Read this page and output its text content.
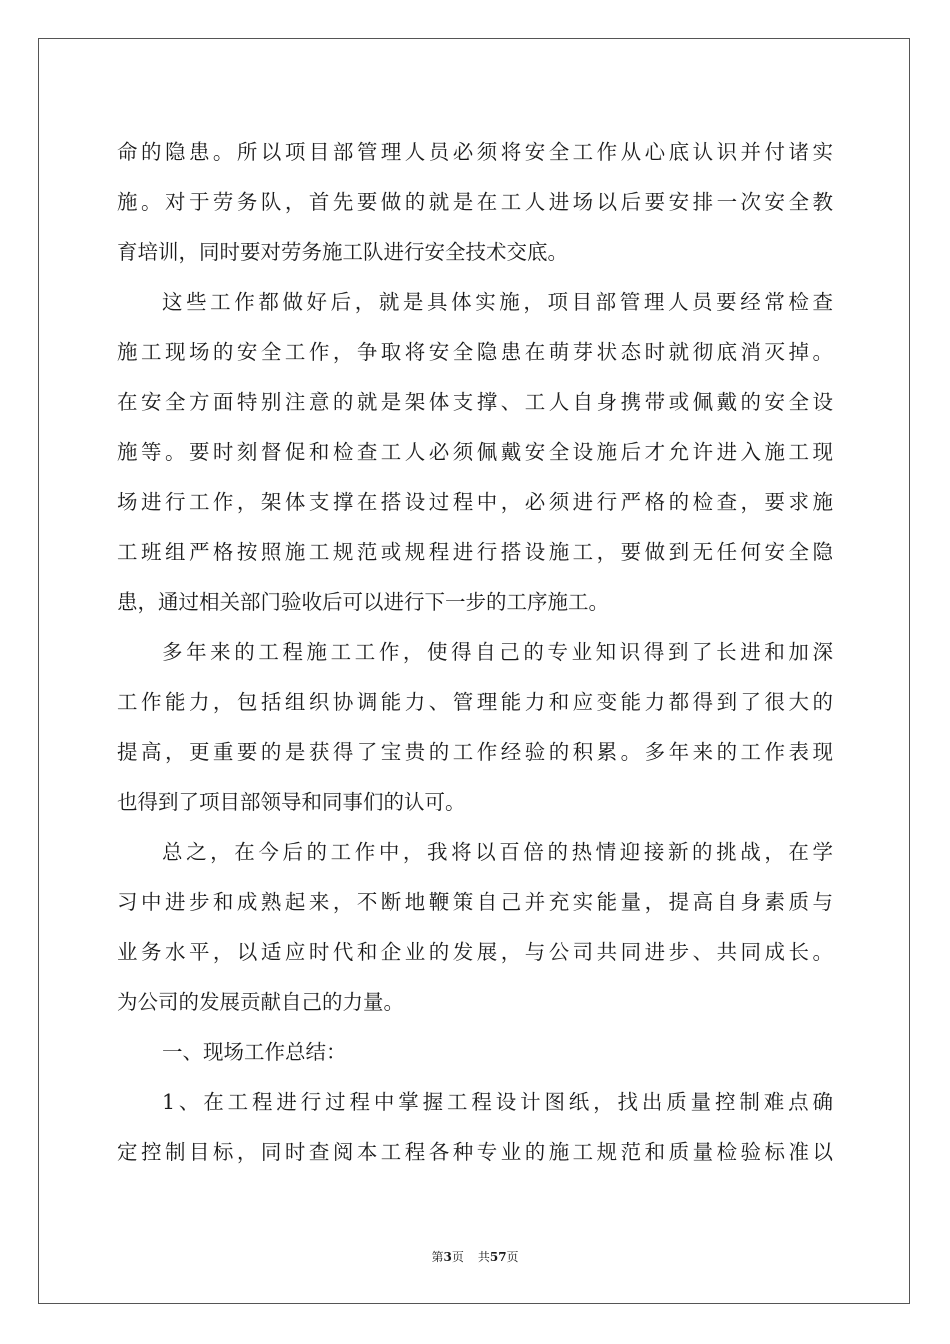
命的隐患。所以项目部管理人员必须将安全工作从心底认识并付诸实
施。对于劳务队，首先要做的就是在工人进场以后要安排一次安全教
育培训，同时要对劳务施工队进行安全技术交底。
这些工作都做好后，就是具体实施，项目部管理人员要经常检查
施工现场的安全工作，争取将安全隐患在萌芽状态时就彻底消灭掉。
在安全方面特别注意的就是架体支撑、工人自身携带或佩戴的安全设
施等。要时刻督促和检查工人必须佩戴安全设施后才允许进入施工现
场进行工作，架体支撑在搭设过程中，必须进行严格的检查，要求施
工班组严格按照施工规范或规程进行搭设施工，要做到无任何安全隐
患，通过相关部门验收后可以进行下一步的工序施工。
多年来的工程施工工作，使得自己的专业知识得到了长进和加深
工作能力，包括组织协调能力、管理能力和应变能力都得到了很大的
提高，更重要的是获得了宝贵的工作经验的积累。多年来的工作表现
也得到了项目部领导和同事们的认可。
总之，在今后的工作中，我将以百倍的热情迎接新的挑战，在学
习中进步和成熟起来，不断地鞭策自己并充实能量，提高自身素质与
业务水平，以适应时代和企业的发展，与公司共同进步、共同成长。
为公司的发展贡献自己的力量。
一、现场工作总结：
1、在工程进行过程中掌握工程设计图纸，找出质量控制难点确
定控制目标，同时查阅本工程各种专业的施工规范和质量检验标准以
第3页 共57页
